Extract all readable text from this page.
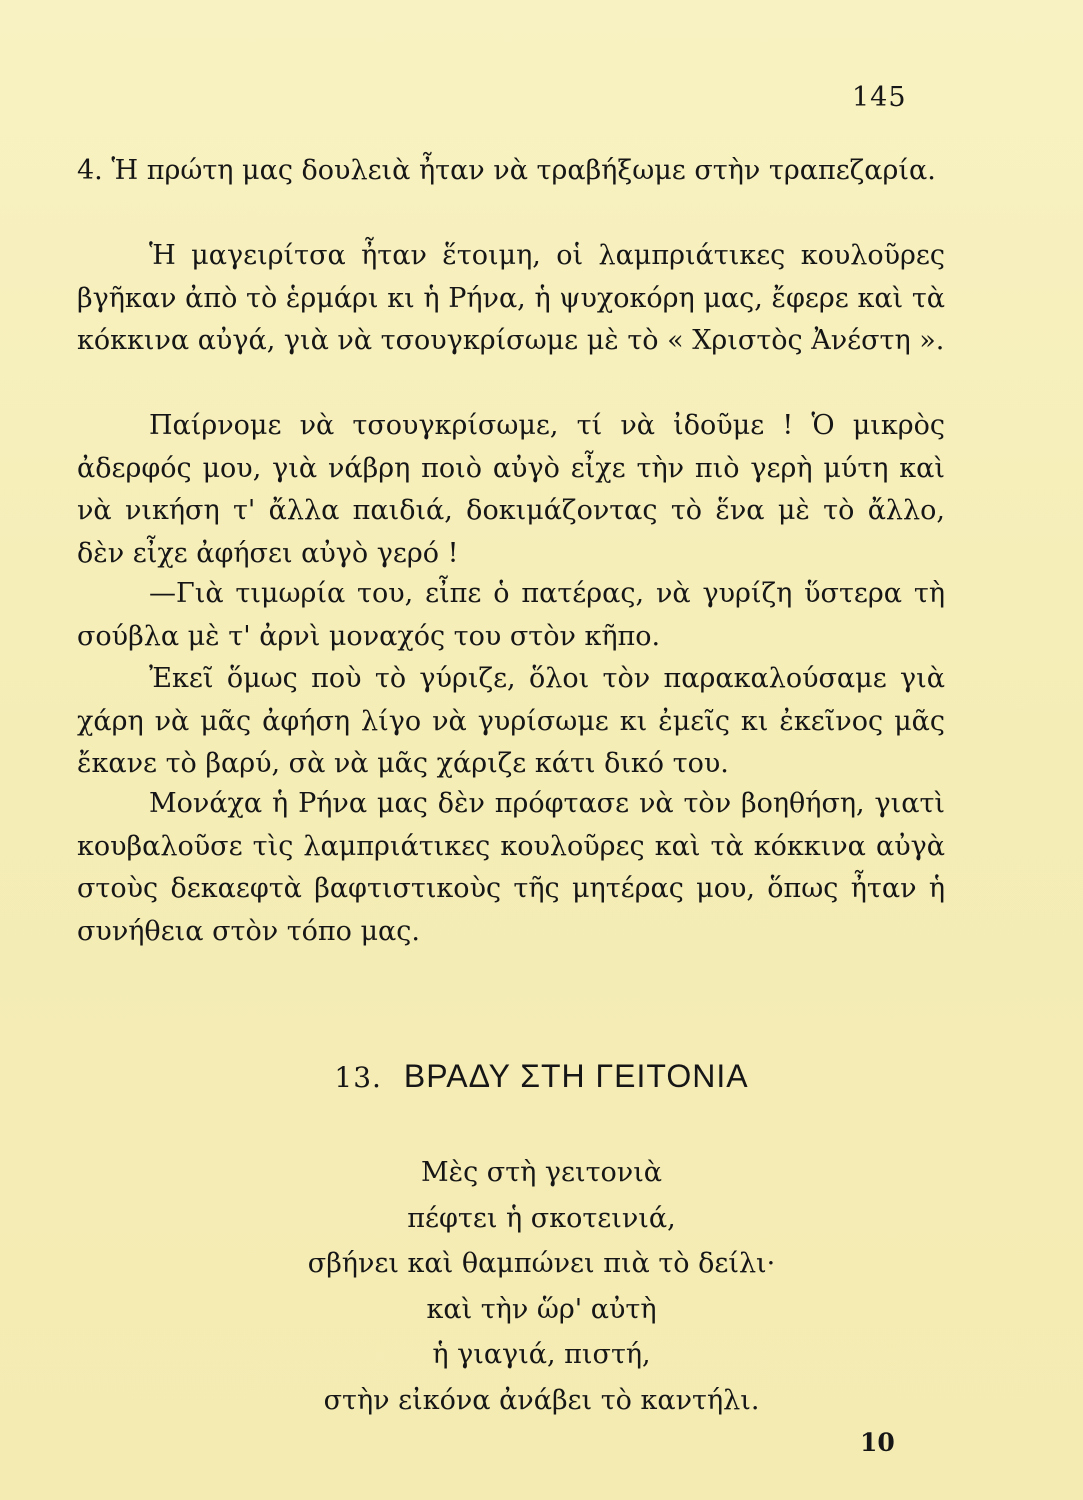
145
4. Ἡ πρώτη μας δουλειὰ ἦταν νὰ τραβήξωμε στὴν τραπεζαρία.
Ἡ μαγειρίτσα ἦταν ἕτοιμη, οἱ λαμπριάτικες κουλοῦρες βγῆκαν ἀπὸ τὸ ἑρμάρι κι ἡ Ρήνα, ἡ ψυχοκόρη μας, ἔφερε καὶ τὰ κόκκινα αὐγά, γιὰ νὰ τσουγκρίσωμε μὲ τὸ « Χριστὸς Ἀνέστη ».
Παίρνομε νὰ τσουγκρίσωμε, τί νὰ ἰδοῦμε ! Ὁ μικρὸς ἀδερφός μου, γιὰ νάβρη ποιὸ αὐγὸ εἶχε τὴν πιὸ γερὴ μύτη καὶ νὰ νικήση τ' ἄλλα παιδιά, δοκιμάζοντας τὸ ἕνα μὲ τὸ ἄλλο, δὲν εἶχε ἀφήσει αὐγὸ γερό !
—Γιὰ τιμωρία του, εἶπε ὁ πατέρας, νὰ γυρίζη ὕστερα τὴ σούβλα μὲ τ' ἀρνὶ μοναχός του στὸν κῆπο.
Ἐκεῖ ὅμως ποὺ τὸ γύριζε, ὅλοι τὸν παρακαλούσαμε γιὰ χάρη νὰ μᾶς ἀφήση λίγο νὰ γυρίσωμε κι ἐμεῖς κι ἐκεῖνος μᾶς ἔκανε τὸ βαρύ, σὰ νὰ μᾶς χάριζε κάτι δικό του.
Μονάχα ἡ Ρήνα μας δὲν πρόφτασε νὰ τὸν βοηθήση, γιατὶ κουβαλοῦσε τὶς λαμπριάτικες κουλοῦρες καὶ τὰ κόκκινα αὐγὰ στοὺς δεκαεφτὰ βαφτιστικοὺς τῆς μητέρας μου, ὅπως ἦταν ἡ συνήθεια στὸν τόπο μας.
13. ΒΡΑΔΥ ΣΤΗ ΓΕΙΤΟΝΙΑ
Μὲς στὴ γειτονιὰ
πέφτει ἡ σκοτεινιά,
σβήνει καὶ θαμπώνει πιὰ τὸ δείλι·
καὶ τὴν ὥρ' αὐτὴ
ἡ γιαγιά, πιστή,
στὴν εἰκόνα ἀνάβει τὸ καντήλι.
10
